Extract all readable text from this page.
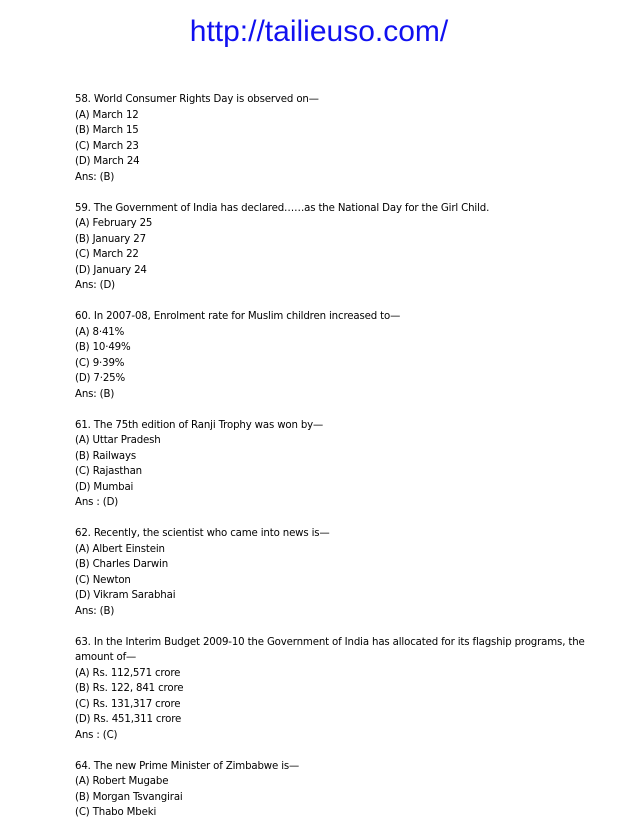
http://tailieuso.com/
58. World Consumer Rights Day is observed on—
(A) March 12
(B) March 15
(C) March 23
(D) March 24
Ans: (B)
59. The Government of India has declared……as the National Day for the Girl Child.
(A) February 25
(B) January 27
(C) March 22
(D) January 24
Ans: (D)
60. In 2007-08, Enrolment rate for Muslim children increased to—
(A) 8·41%
(B) 10·49%
(C) 9·39%
(D) 7·25%
Ans: (B)
61. The 75th edition of Ranji Trophy was won by—
(A) Uttar Pradesh
(B) Railways
(C) Rajasthan
(D) Mumbai
Ans : (D)
62. Recently, the scientist who came into news is—
(A) Albert Einstein
(B) Charles Darwin
(C) Newton
(D) Vikram Sarabhai
Ans: (B)
63. In the Interim Budget 2009-10 the Government of India has allocated for its flagship programs, the amount of—
(A) Rs. 112,571 crore
(B) Rs. 122, 841 crore
(C) Rs. 131,317 crore
(D) Rs. 451,311 crore
Ans : (C)
64. The new Prime Minister of Zimbabwe is—
(A) Robert Mugabe
(B) Morgan Tsvangirai
(C) Thabo Mbeki
